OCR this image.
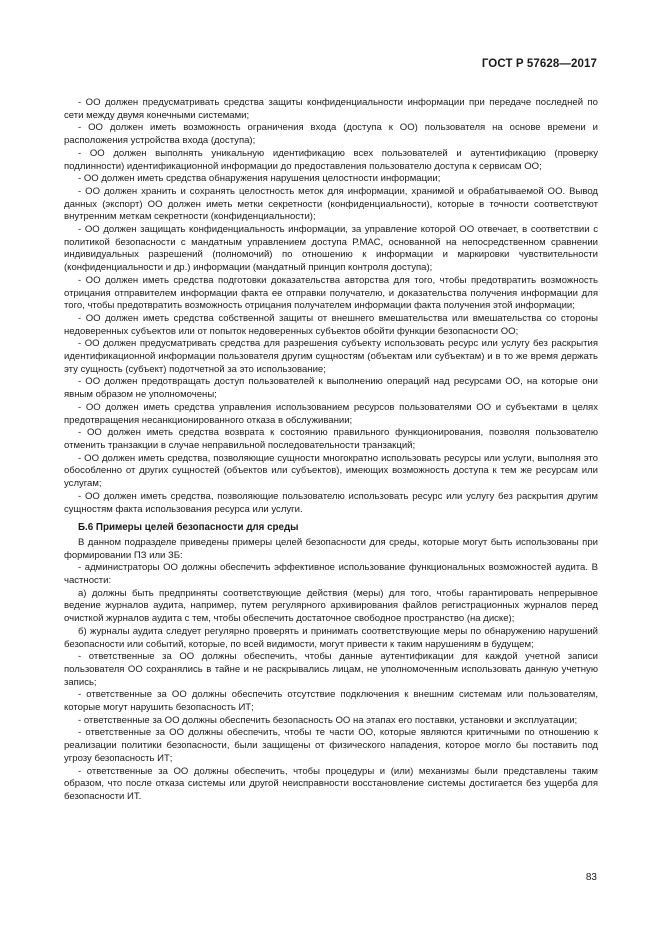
ГОСТ Р 57628—2017

- ОО должен предусматривать средства защиты конфиденциальности информации при передаче последней по сети между двумя конечными системами;

- ОО должен иметь возможность ограничения входа (доступа к ОО) пользователя на основе времени и расположения устройства входа (доступа);

- ОО должен выполнять уникальную идентификацию всех пользователей и аутентификацию (проверку подлинности) идентификационной информации до предоставления пользователю доступа к сервисам ОО;

- ОО должен иметь средства обнаружения нарушения целостности информации;

- ОО должен хранить и сохранять целостность меток для информации, хранимой и обрабатываемой ОО. Вывод данных (экспорт) ОО должен иметь метки секретности (конфиденциальности), которые в точности соответствуют внутренним меткам секретности (конфиденциальности);

- ОО должен защищать конфиденциальность информации, за управление которой ОО отвечает, в соответствии с политикой безопасности с мандатным управлением доступа Р.МАС, основанной на непосредственном сравнении индивидуальных разрешений (полномочий) по отношению к информации и маркировки чувствительности (конфиденциальности и др.) информации (мандатный принцип контроля доступа);

- ОО должен иметь средства подготовки доказательства авторства для того, чтобы предотвратить возможность отрицания отправителем информации факта ее отправки получателю, и доказательства получения информации для того, чтобы предотвратить возможность отрицания получателем информации факта получения этой информации;

- ОО должен иметь средства собственной защиты от внешнего вмешательства или вмешательства со стороны недоверенных субъектов или от попыток недоверенных субъектов обойти функции безопасности ОО;

- ОО должен предусматривать средства для разрешения субъекту использовать ресурс или услугу без раскрытия идентификационной информации пользователя другим сущностям (объектам или субъектам) и в то же время держать эту сущность (субъект) подотчетной за это использование;

- ОО должен предотвращать доступ пользователей к выполнению операций над ресурсами ОО, на которые они явным образом не уполномочены;

- ОО должен иметь средства управления использованием ресурсов пользователями ОО и субъектами в целях предотвращения несанкционированного отказа в обслуживании;

- ОО должен иметь средства возврата к состоянию правильного функционирования, позволяя пользователю отменить транзакции в случае неправильной последовательности транзакций;

- ОО должен иметь средства, позволяющие сущности многократно использовать ресурсы или услуги, выполняя это обособленно от других сущностей (объектов или субъектов), имеющих возможность доступа к тем же ресурсам или услугам;

- ОО должен иметь средства, позволяющие пользователю использовать ресурс или услугу без раскрытия другим сущностям факта использования ресурса или услуги.

Б.6 Примеры целей безопасности для среды

В данном подразделе приведены примеры целей безопасности для среды, которые могут быть использованы при формировании ПЗ или ЗБ:

- администраторы ОО должны обеспечить эффективное использование функциональных возможностей аудита. В частности:

а) должны быть предприняты соответствующие действия (меры) для того, чтобы гарантировать непрерывное ведение журналов аудита, например, путем регулярного архивирования файлов регистрационных журналов перед очисткой журналов аудита с тем, чтобы обеспечить достаточное свободное пространство (на диске);

б) журналы аудита следует регулярно проверять и принимать соответствующие меры по обнаружению нарушений безопасности или событий, которые, по всей видимости, могут привести к таким нарушениям в будущем;

- ответственные за ОО должны обеспечить, чтобы данные аутентификации для каждой учетной записи пользователя ОО сохранялись в тайне и не раскрывались лицам, не уполномоченным использовать данную учетную запись;

- ответственные за ОО должны обеспечить отсутствие подключения к внешним системам или пользователям, которые могут нарушить безопасность ИТ;

- ответственные за ОО должны обеспечить безопасность ОО на этапах его поставки, установки и эксплуатации;

- ответственные за ОО должны обеспечить, чтобы те части ОО, которые являются критичными по отношению к реализации политики безопасности, были защищены от физического нападения, которое могло бы поставить под угрозу безопасность ИТ;

- ответственные за ОО должны обеспечить, чтобы процедуры и (или) механизмы были представлены таким образом, что после отказа системы или другой неисправности восстановление системы достигается без ущерба для безопасности ИТ.

83
